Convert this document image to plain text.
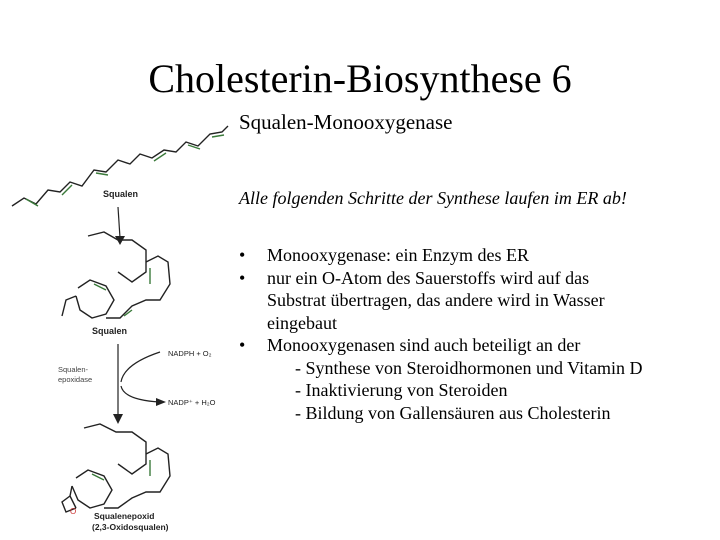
Cholesterin-Biosynthese 6
Squalen-Monooxygenase
Alle folgenden Schritte der Synthese laufen im ER ab!
• Monooxygenase: ein Enzym des ER
• nur ein O-Atom des Sauerstoffs wird auf das
Substrat übertragen, das andere wird in Wasser
eingebaut
• Monooxygenasen sind auch beteiligt an der
- Synthese von Steroidhormonen und Vitamin D
- Inaktivierung von Steroiden
- Bildung von Gallensäuren aus Cholesterin
Squalen
Squalen
NADPH + O₂
NADP⁺ + H₂O
Squalen-
epoxidase
O Squalenepoxid
(2,3-Oxidosqualen)
